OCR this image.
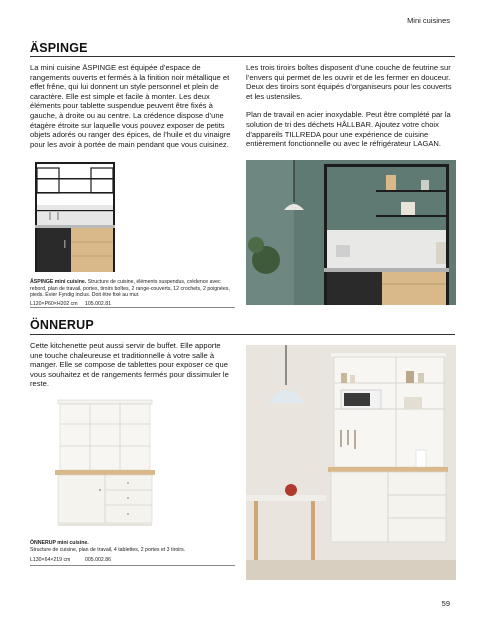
Mini cuisines
ÄSPINGE

La mini cuisine ÄSPINGE est équipée d’espace de rangements ouverts et fermés à la finition noir métallique et effet frêne, qui lui donnent un style personnel et plein de caractère. Elle est simple et facile à monter. Les deux éléments pour tablette suspendue peuvent être fixés à gauche, à droite ou au centre. La crédence dispose d’une étagère étroite sur laquelle vous pouvez exposer de petits objets adorés ou ranger des épices, de l’huile et du vinaigre pour les avoir à portée de main pendant que vous cuisinez.

Les trois tiroirs boîtes disposent d’une couche de feutrine sur l’envers qui permet de les ouvrir et de les fermer en douceur. Deux des tiroirs sont équipés d’organiseurs pour les couverts et les ustensiles.

Plan de travail en acier inoxydable. Peut être complété par la solution de tri des déchets HÅLLBAR. Ajoutez votre choix d’appareils TILLREDA pour une expérience de cuisine entièrement fonctionnelle ou avec le réfrigérateur LAGAN.

ÄSPINGE mini cuisine. Structure de cuisine, éléments suspendus, crédence avec rebord, plan de travail, portes, tiroirs boîtes, 2 range-couverts, 12 crochets, 2 poignées, pieds. Évier Fyndig inclus. Doit être fixé au mur.
L120×P60×H202 cm	105.002.81
ÖNNERUP

Cette kitchenette peut aussi servir de buffet. Elle apporte une touche chaleureuse et traditionnelle à votre salle à manger. Elle se compose de tablettes pour exposer ce que vous souhaitez et de rangements fermés pour dissimuler le reste.

ÖNNERUP mini cuisine.
Structure de cuisine, plan de travail, 4 tablettes, 2 portes et 3 tiroirs.
L130×64×219 cm	005.002.86
59
